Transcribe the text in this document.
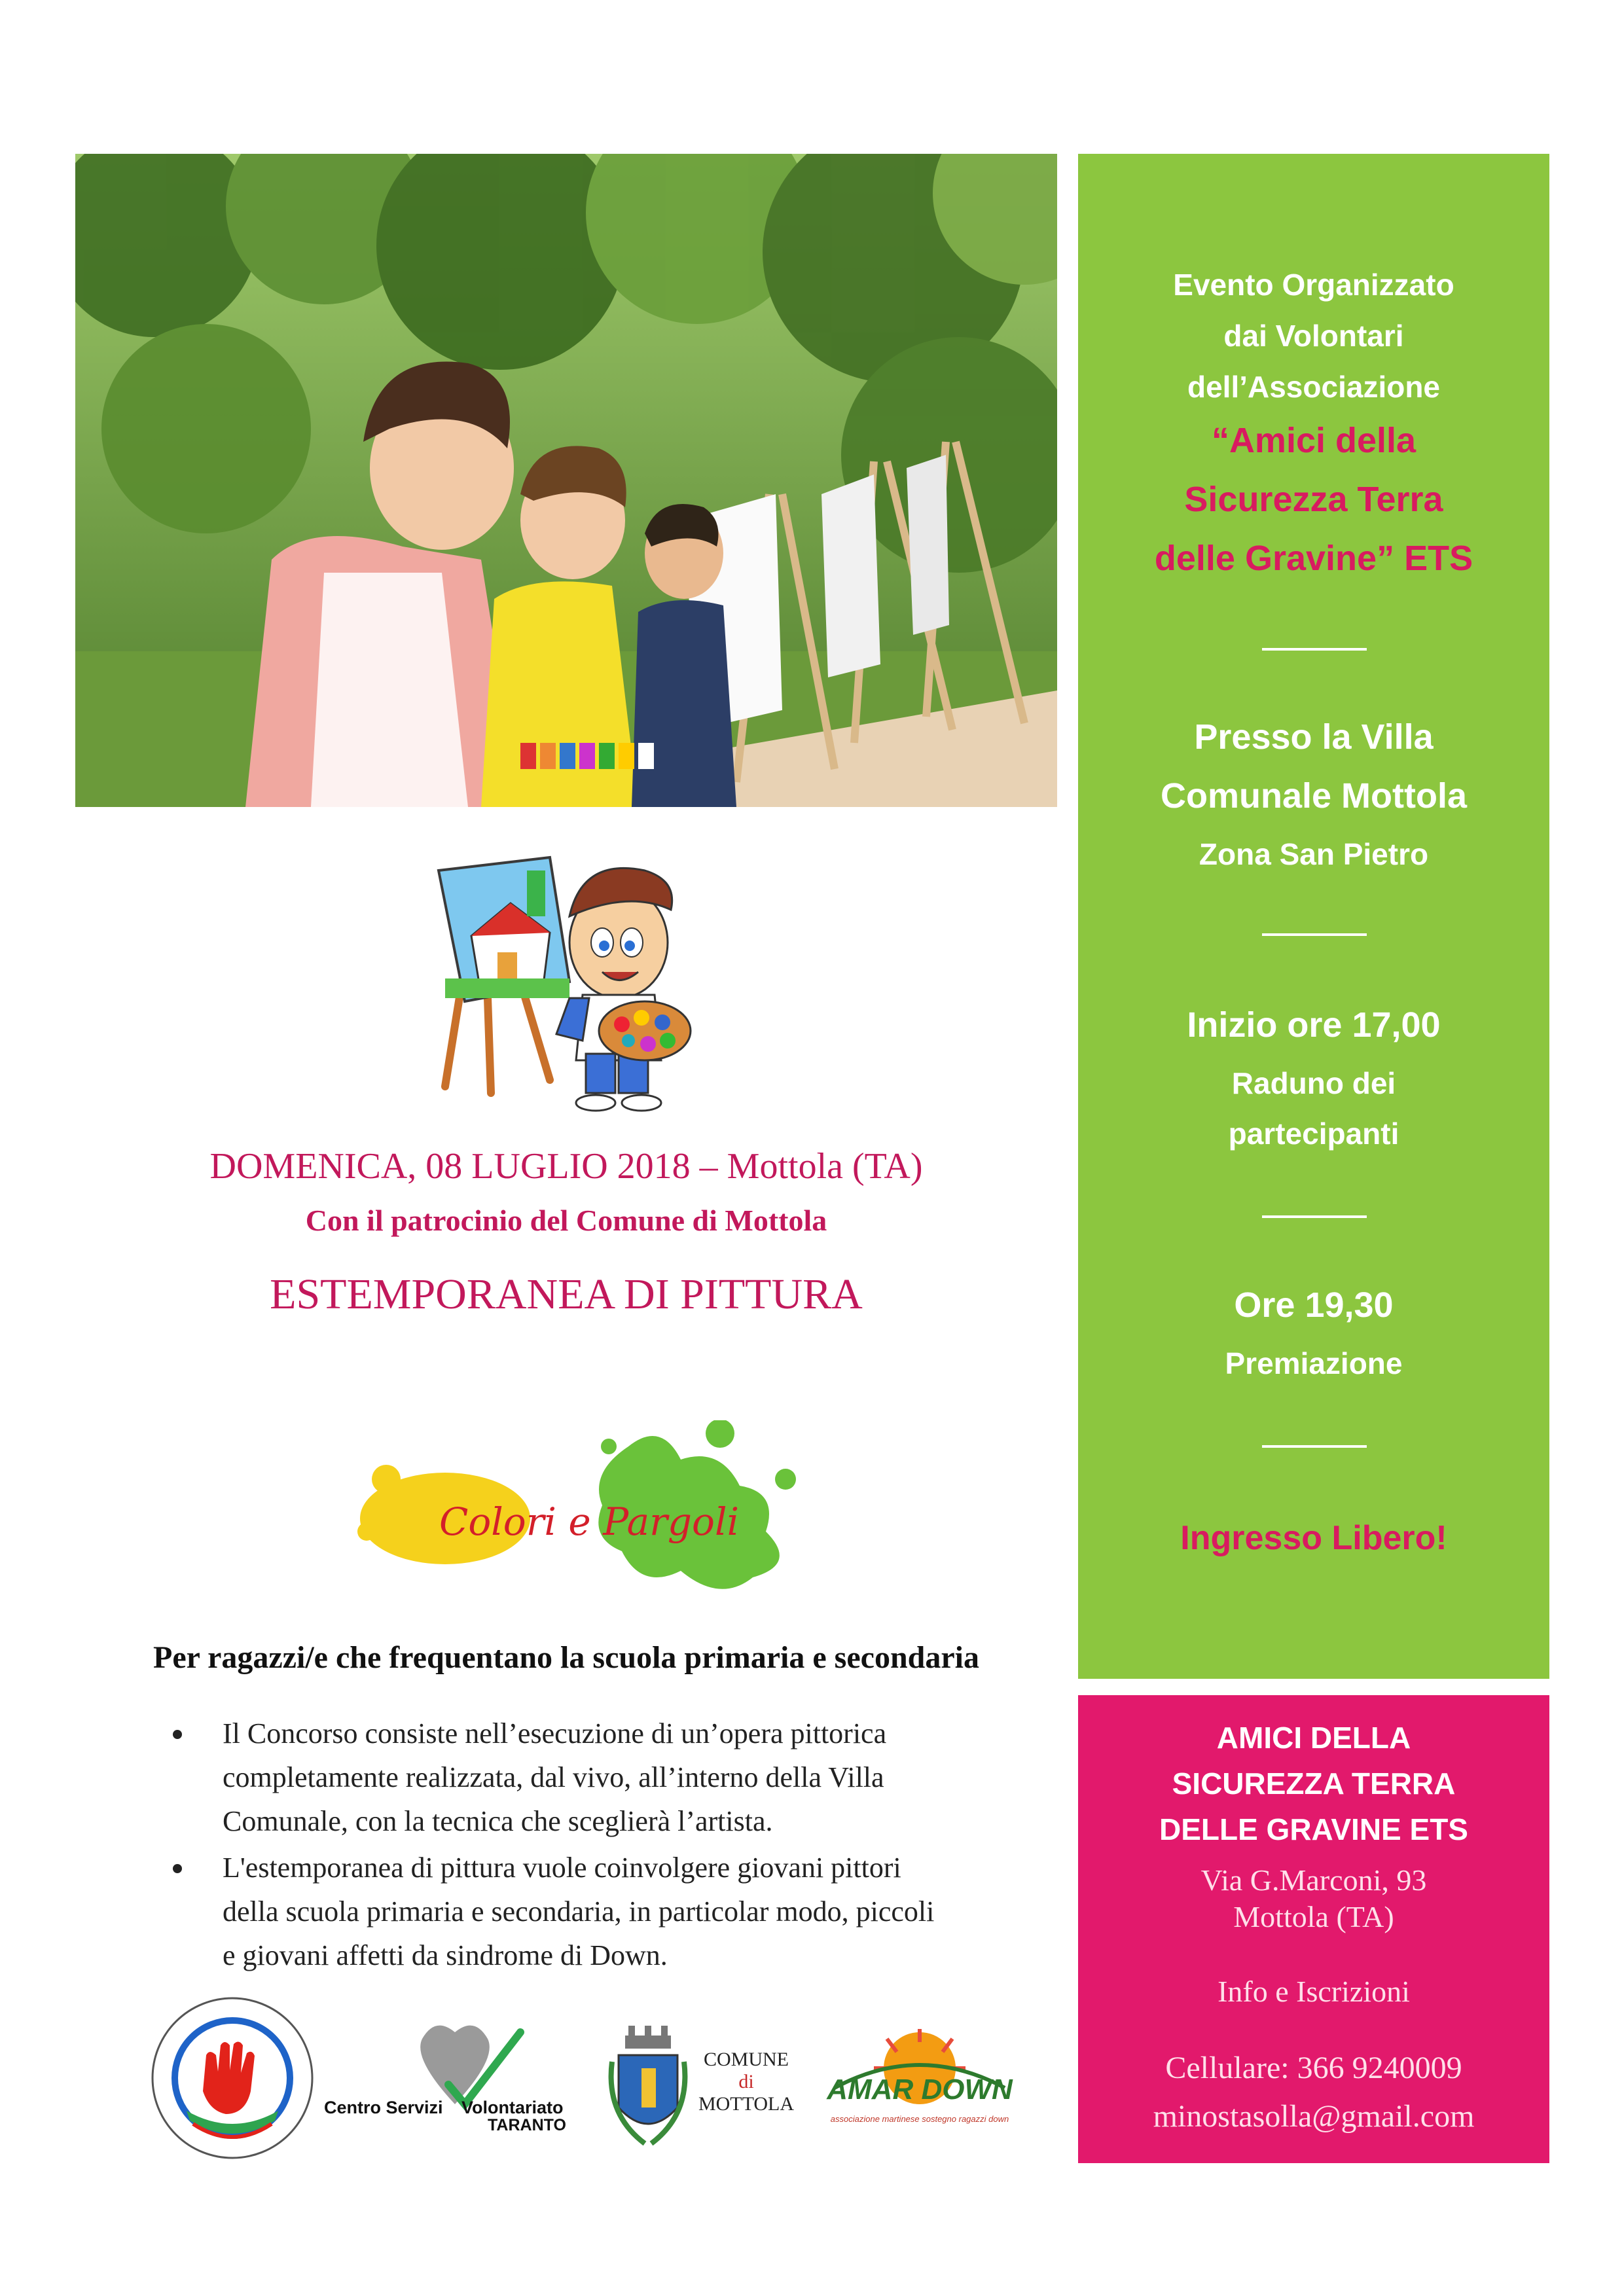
Evento Organizzato
dai Volontari
dell’Associazione
“Amici della
Sicurezza Terra
delle Gravine” ETS
Presso la Villa
Comunale Mottola
Zona San Pietro
Inizio ore 17,00
Raduno dei
partecipanti
Ore 19,30
Premiazione
Ingresso Libero!
AMICI DELLA
SICUREZZA TERRA
DELLE GRAVINE ETS
Via G.Marconi, 93
Mottola (TA)
Info e Iscrizioni
Cellulare: 366 9240009
minostasolla@gmail.com
DOMENICA, 08 LUGLIO 2018 – Mottola (TA)
Con il patrocinio del Comune di Mottola
ESTEMPORANEA DI PITTURA
Colori e Pargoli
Per ragazzi/e che frequentano la scuola primaria e secondaria
Il Concorso consiste nell’esecuzione di un’opera pittorica
completamente realizzata, dal vivo, all’interno della Villa
Comunale, con la tecnica che sceglierà l’artista.
L'estemporanea di pittura vuole coinvolgere giovani pittori
della scuola primaria e secondaria, in particolar modo, piccoli
e giovani affetti da sindrome di Down.
Centro Servizi Volontariato
TARANTO
COMUNE
di
MOTTOLA	AMAR DOWN
associazione martinese sostegno ragazzi down
